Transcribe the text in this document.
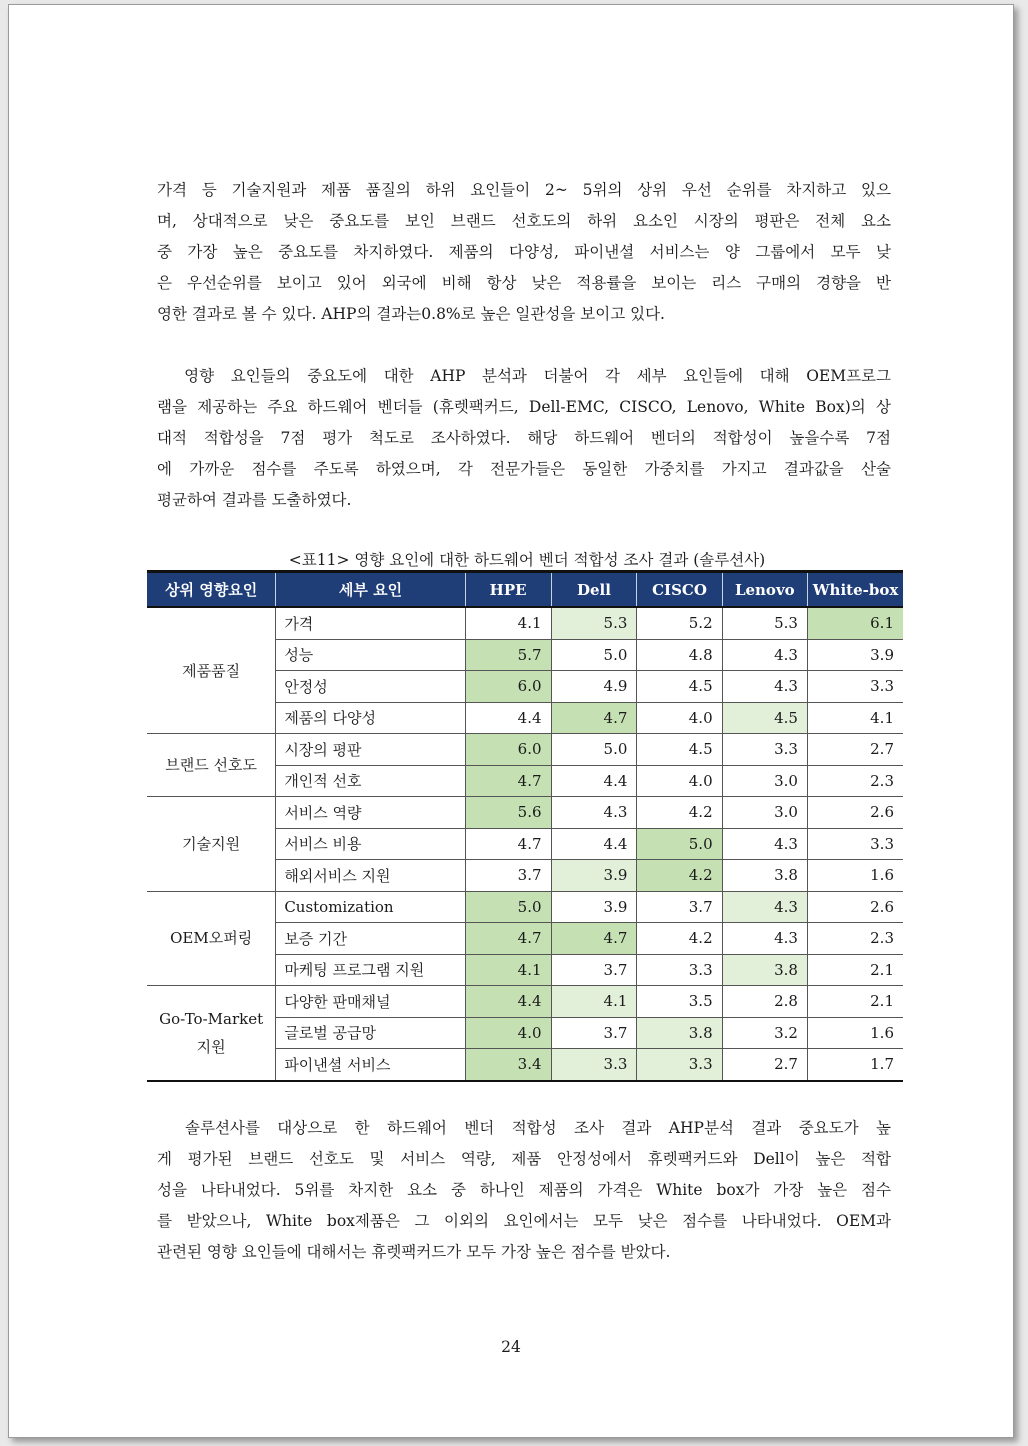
가격 등 기술지원과 제품 품질의 하위 요인들이 2~ 5위의 상위 우선 순위를 차지하고 있으
며, 상대적으로 낮은 중요도를 보인 브랜드 선호도의 하위 요소인 시장의 평판은 전체 요소
중 가장 높은 중요도를 차지하였다. 제품의 다양성, 파이낸셜 서비스는 양 그룹에서 모두 낮
은 우선순위를 보이고 있어 외국에 비해 항상 낮은 적용률을 보이는 리스 구매의 경향을 반
영한 결과로 볼 수 있다. AHP의 결과는0.8%로 높은 일관성을 보이고 있다.
　영향 요인들의 중요도에 대한 AHP 분석과 더불어 각 세부 요인들에 대해 OEM프로그
램을 제공하는 주요 하드웨어 벤더들 (휴렛팩커드, Dell-EMC, CISCO, Lenovo, White Box)의 상
대적 적합성을 7점 평가 척도로 조사하였다. 해당 하드웨어 벤더의 적합성이 높을수록 7점
에 가까운 점수를 주도록 하였으며, 각 전문가들은 동일한 가중치를 가지고 결과값을 산술
평균하여 결과를 도출하였다.
<표11> 영향 요인에 대한 하드웨어 벤더 적합성 조사 결과 (솔루션사)
상위 영향요인	세부 요인	HPE	Dell	CISCO	Lenovo	White-box

제품품질	가격	4.1	5.3	5.2	5.3	6.1
	성능	5.7	5.0	4.8	4.3	3.9
	안정성	6.0	4.9	4.5	4.3	3.3
	제품의 다양성	4.4	4.7	4.0	4.5	4.1

브랜드 선호도	시장의 평판	6.0	5.0	4.5	3.3	2.7
	개인적 선호	4.7	4.4	4.0	3.0	2.3

기술지원	서비스 역량	5.6	4.3	4.2	3.0	2.6
	서비스 비용	4.7	4.4	5.0	4.3	3.3
	해외서비스 지원	3.7	3.9	4.2	3.8	1.6

OEM오퍼링	Customization	5.0	3.9	3.7	4.3	2.6
	보증 기간	4.7	4.7	4.2	4.3	2.3
	마케팅 프로그램 지원	4.1	3.7	3.3	3.8	2.1

Go-To-Market
지원	다양한 판매채널	4.4	4.1	3.5	2.8	2.1
	글로벌 공급망	4.0	3.7	3.8	3.2	1.6
	파이낸셜 서비스	3.4	3.3	3.3	2.7	1.7
　솔루션사를 대상으로 한 하드웨어 벤더 적합성 조사 결과 AHP분석 결과 중요도가 높
게 평가된 브랜드 선호도 및 서비스 역량, 제품 안정성에서 휴렛팩커드와 Dell이 높은 적합
성을 나타내었다. 5위를 차지한 요소 중 하나인 제품의 가격은 White box가 가장 높은 점수
를 받았으나, White box제품은 그 이외의 요인에서는 모두 낮은 점수를 나타내었다. OEM과
관련된 영향 요인들에 대해서는 휴렛팩커드가 모두 가장 높은 점수를 받았다.
24
